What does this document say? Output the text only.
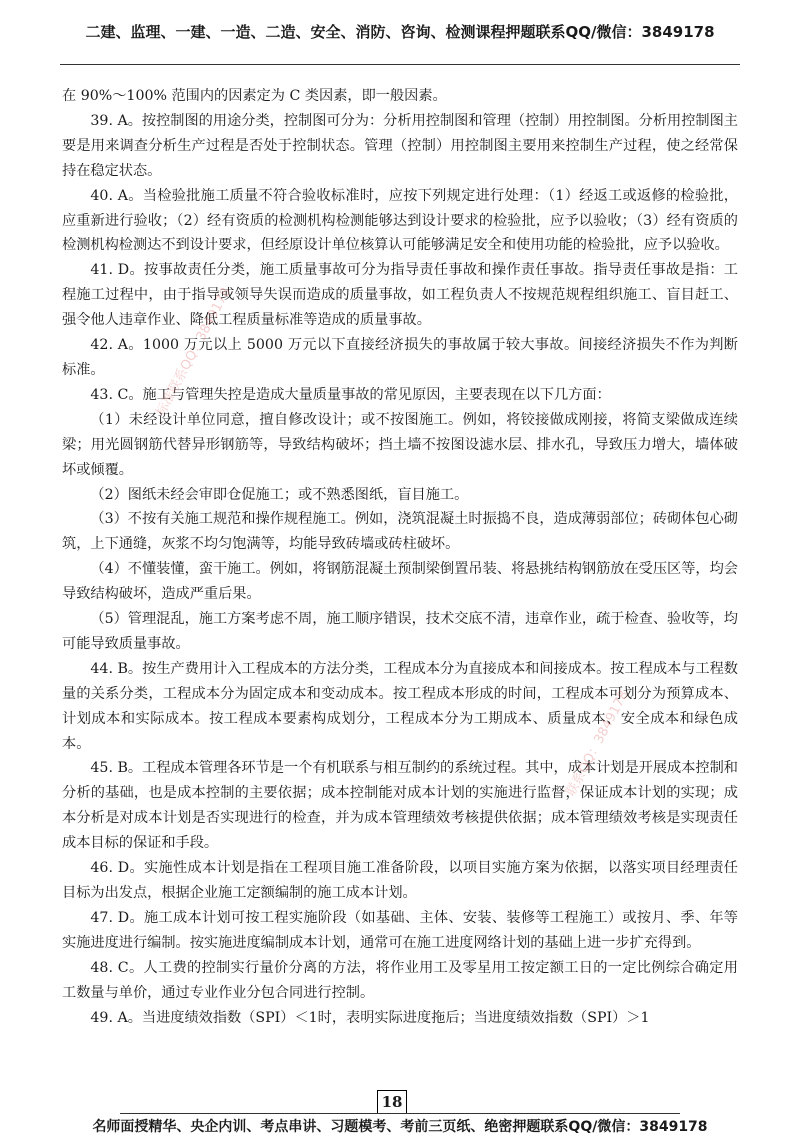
二建、监理、一建、一造、二造、安全、消防、咨询、检测课程押题联系QQ/微信：3849178

在 90%～100% 范围内的因素定为 C 类因素，即一般因素。

39. A。按控制图的用途分类，控制图可分为：分析用控制图和管理（控制）用控制图。分析用控制图主要是用来调查分析生产过程是否处于控制状态。管理（控制）用控制图主要用来控制生产过程，使之经常保持在稳定状态。

40. A。当检验批施工质量不符合验收标准时，应按下列规定进行处理：（1）经返工或返修的检验批，应重新进行验收；（2）经有资质的检测机构检测能够达到设计要求的检验批，应予以验收；（3）经有资质的检测机构检测达不到设计要求，但经原设计单位核算认可能够满足安全和使用功能的检验批，应予以验收。

41. D。按事故责任分类，施工质量事故可分为指导责任事故和操作责任事故。指导责任事故是指：工程施工过程中，由于指导或领导失误而造成的质量事故，如工程负责人不按规范规程组织施工、盲目赶工、强令他人违章作业、降低工程质量标准等造成的质量事故。

42. A。1000 万元以上 5000 万元以下直接经济损失的事故属于较大事故。间接经济损失不作为判断标准。

43. C。施工与管理失控是造成大量质量事故的常见原因，主要表现在以下几方面：

（1）未经设计单位同意，擅自修改设计；或不按图施工。例如，将铰接做成刚接，将简支梁做成连续梁；用光圆钢筋代替异形钢筋等，导致结构破坏；挡土墙不按图设滤水层、排水孔，导致压力增大，墙体破坏或倾覆。

（2）图纸未经会审即仓促施工；或不熟悉图纸，盲目施工。

（3）不按有关施工规范和操作规程施工。例如，浇筑混凝土时振捣不良，造成薄弱部位；砖砌体包心砌筑，上下通缝，灰浆不均匀饱满等，均能导致砖墙或砖柱破坏。

（4）不懂装懂，蛮干施工。例如，将钢筋混凝土预制梁倒置吊装、将悬挑结构钢筋放在受压区等，均会导致结构破坏，造成严重后果。

（5）管理混乱，施工方案考虑不周，施工顺序错误，技术交底不清，违章作业，疏于检查、验收等，均可能导致质量事故。

44. B。按生产费用计入工程成本的方法分类，工程成本分为直接成本和间接成本。按工程成本与工程数量的关系分类，工程成本分为固定成本和变动成本。按工程成本形成的时间，工程成本可划分为预算成本、计划成本和实际成本。按工程成本要素构成划分，工程成本分为工期成本、质量成本、安全成本和绿色成本。

45. B。工程成本管理各环节是一个有机联系与相互制约的系统过程。其中，成本计划是开展成本控制和分析的基础，也是成本控制的主要依据；成本控制能对成本计划的实施进行监督，保证成本计划的实现；成本分析是对成本计划是否实现进行的检查，并为成本管理绩效考核提供依据；成本管理绩效考核是实现责任成本目标的保证和手段。

46. D。实施性成本计划是指在工程项目施工准备阶段，以项目实施方案为依据，以落实项目经理责任目标为出发点，根据企业施工定额编制的施工成本计划。

47. D。施工成本计划可按工程实施阶段（如基础、主体、安装、装修等工程施工）或按月、季、年等实施进度进行编制。按实施进度编制成本计划，通常可在施工进度网络计划的基础上进一步扩充得到。

48. C。人工费的控制实行量价分离的方法，将作业用工及零星用工按定额工日的一定比例综合确定用工数量与单价，通过专业作业分包合同进行控制。

49. A。当进度绩效指数（SPI）＜1时，表明实际进度拖后；当进度绩效指数（SPI）＞1

标准联系QQ：3849178
联系QQ：3849178
18
名师面授精华、央企内训、考点串讲、习题模考、考前三页纸、绝密押题联系QQ/微信：3849178
